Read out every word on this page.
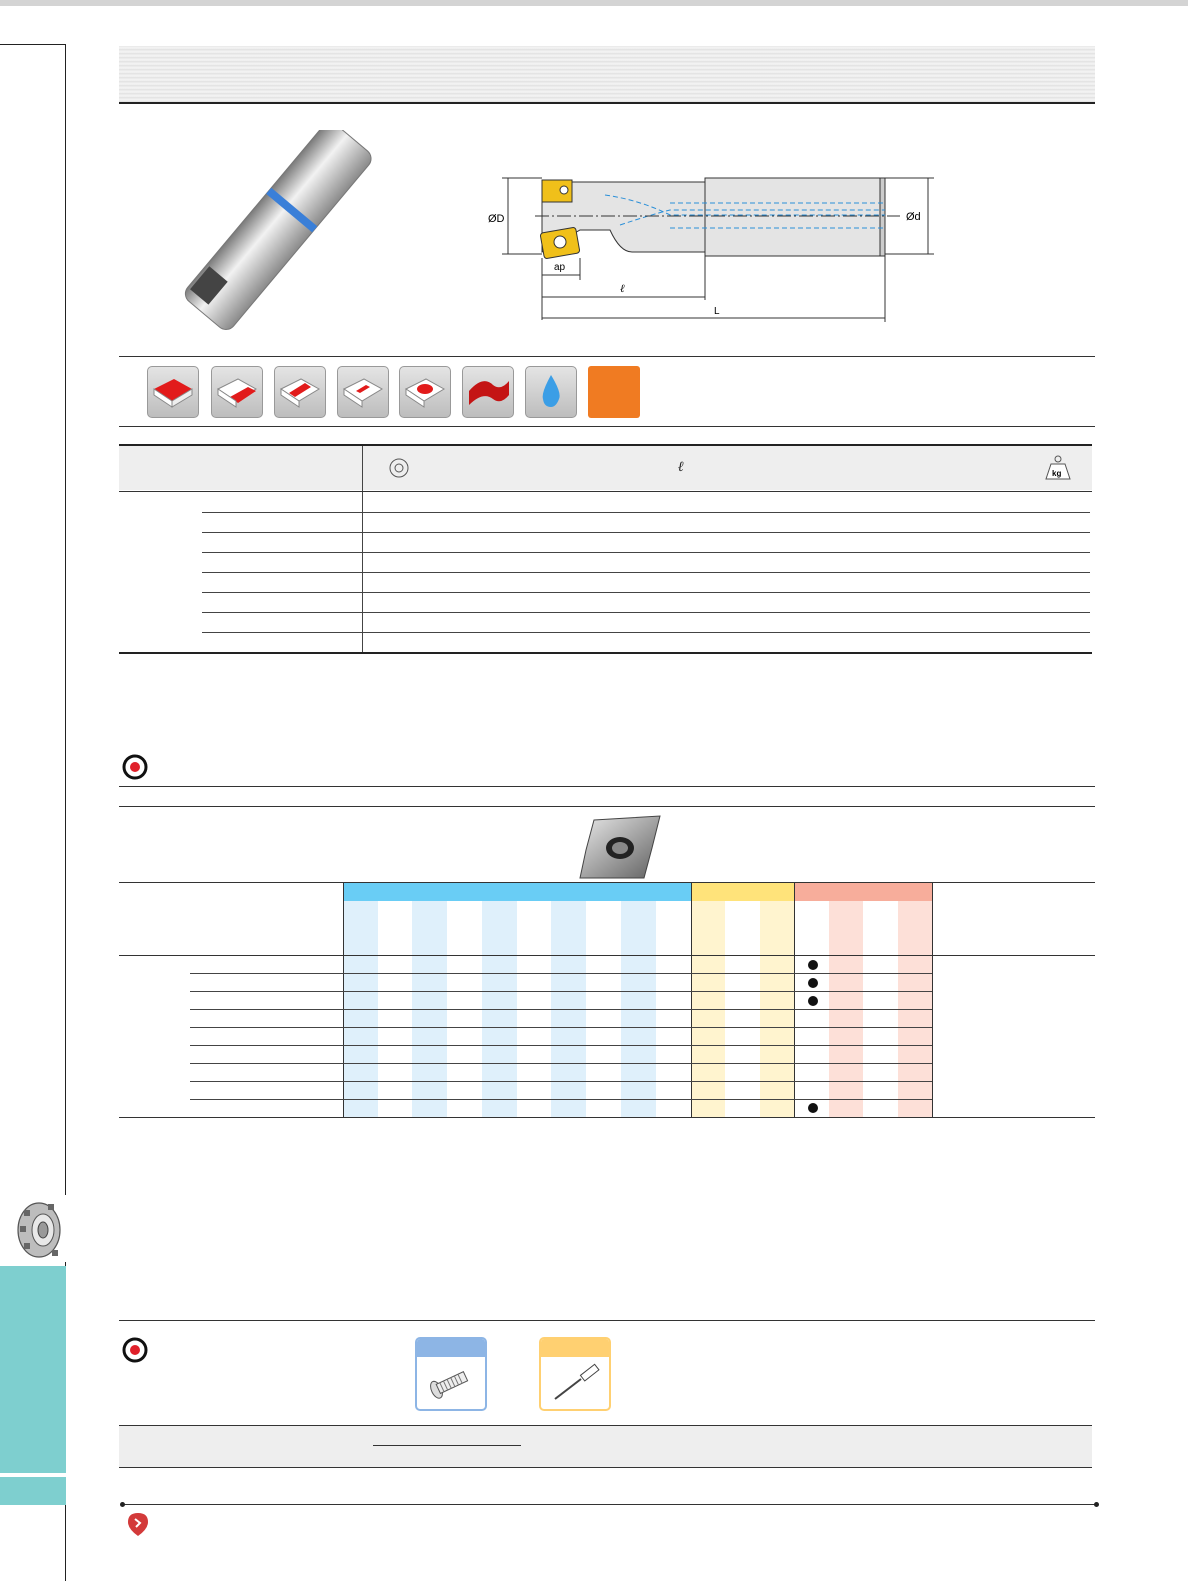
ØD	Ød
ap
ℓ
L
ℓ	kg
